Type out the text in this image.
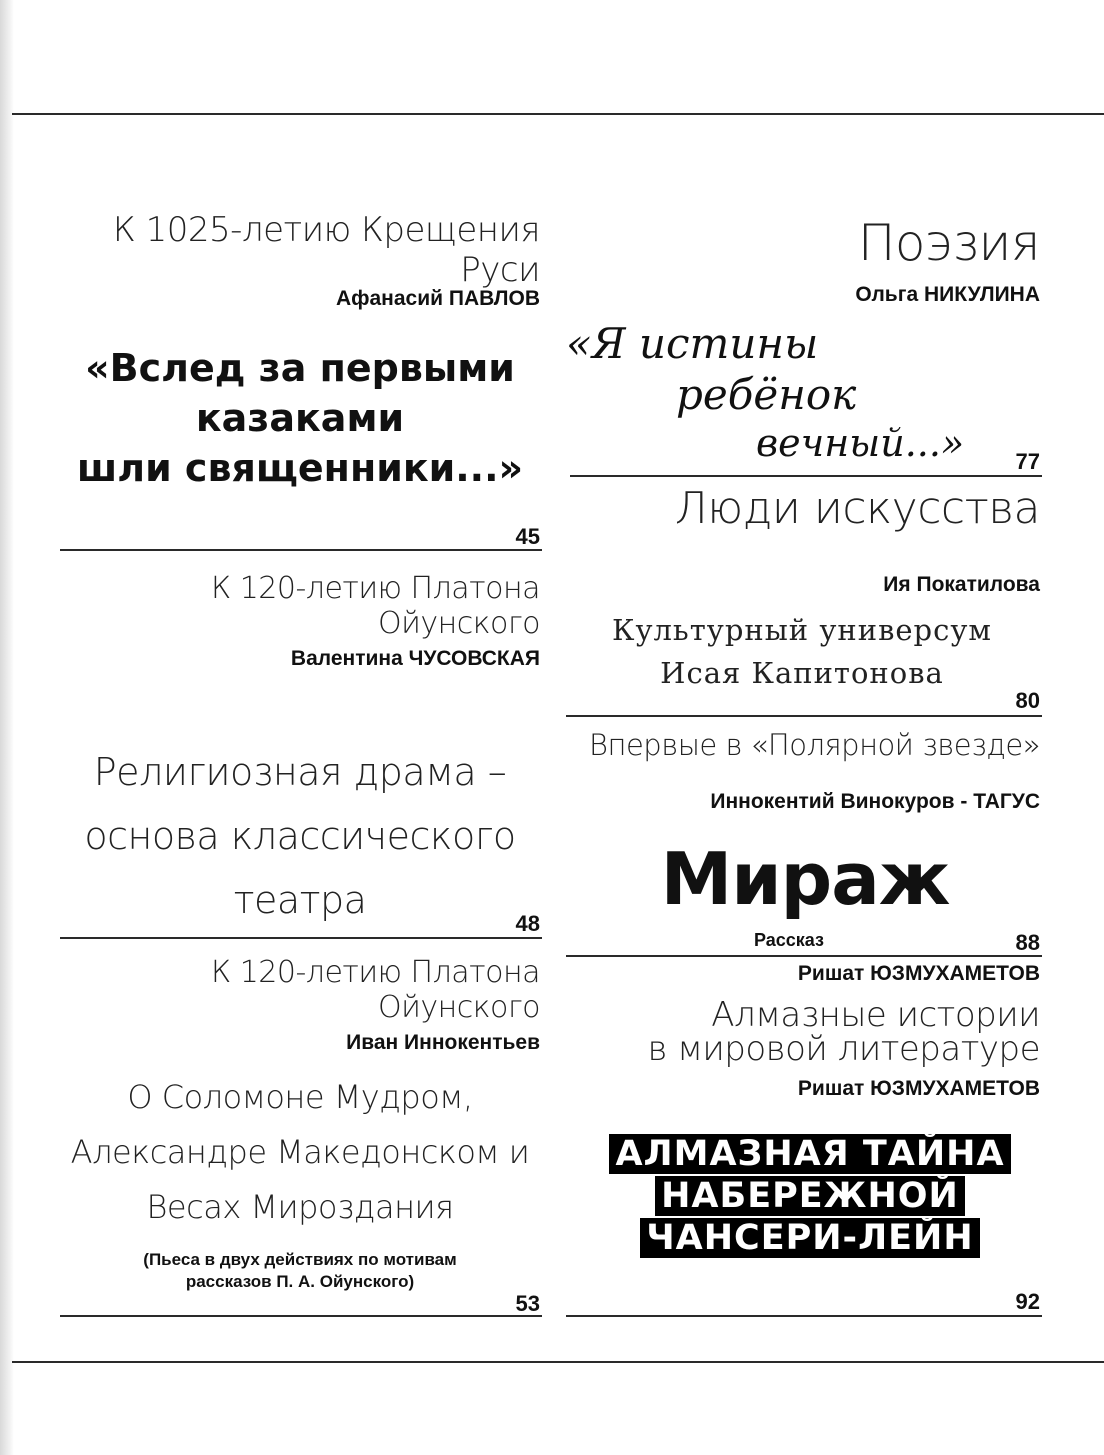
К 1025-летию Крещения Руси
Афанасий ПАВЛОВ
«Вслед за первыми
казаками
шли священники...»
45
К 120-летию Платона Ойунского
Валентина ЧУСОВСКАЯ
Религиозная драма –
основа классического
театра
48
К 120-летию Платона Ойунского
Иван Иннокентьев
О Соломоне Мудром,
Александре Македонском и
Весах Мироздания
(Пьеса в двух действиях по мотивам
рассказов П. А. Ойунского)
53
Поэзия
Ольга НИКУЛИНА
«Я истины
ребёнок
вечный...»	77
Люди искусства
Ия Покатилова
Культурный универсум
Исая Капитонова
80
Впервые в «Полярной звезде»
Иннокентий Винокуров - ТАГУС
Мираж
Рассказ	88
Ришат ЮЗМУХАМЕТОВ
Алмазные истории
в мировой литературе
Ришат ЮЗМУХАМЕТОВ
АЛМАЗНАЯ ТАЙНА
НАБЕРЕЖНОЙ
ЧАНСЕРИ-ЛЕЙН
92
